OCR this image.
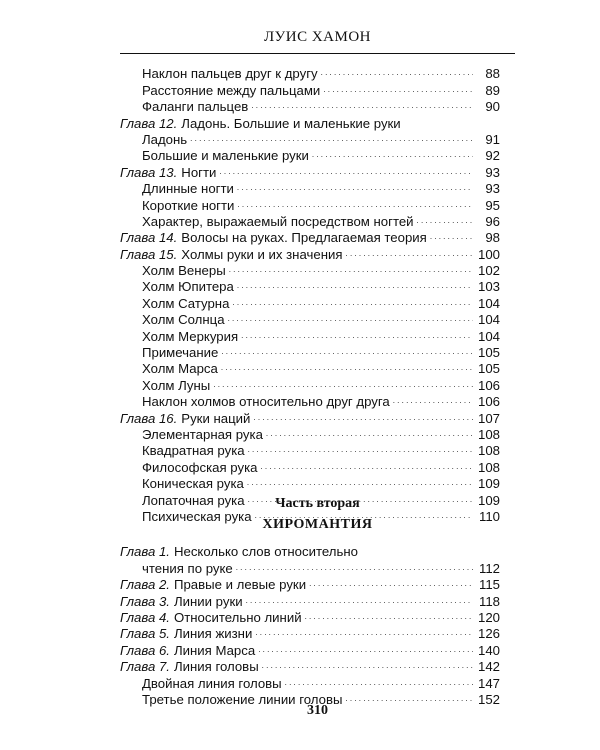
ЛУИС ХАМОН
Наклон пальцев друг к другу . . .	88
Расстояние между пальцами . . .	89
Фаланги пальцев . . .	90
Глава 12. Ладонь. Большие и маленькие руки
Ладонь . . .	91
Большие и маленькие руки . . .	92
Глава 13. Ногти . . .	93
Длинные ногти . . .	93
Короткие ногти . . .	95
Характер, выражаемый посредством ногтей . . .	96
Глава 14. Волосы на руках. Предлагаемая теория . . .	98
Глава 15. Холмы руки и их значения . . .	100
Холм Венеры . . .	102
Холм Юпитера . . .	103
Холм Сатурна . . .	104
Холм Солнца . . .	104
Холм Меркурия . . .	104
Примечание . . .	105
Холм Марса . . .	105
Холм Луны . . .	106
Наклон холмов относительно друг друга . . .	106
Глава 16. Руки наций . . .	107
Элементарная рука . . .	108
Квадратная рука . . .	108
Философская рука . . .	108
Коническая рука . . .	109
Лопаточная рука . . .	109
Психическая рука . . .	110
Часть вторая
ХИРОМАНТИЯ
Глава 1. Несколько слов относительно
чтения по руке . . .	112
Глава 2. Правые и левые руки . . .	115
Глава 3. Линии руки . . .	118
Глава 4. Относительно линий . . .	120
Глава 5. Линия жизни . . .	126
Глава 6. Линия Марса . . .	140
Глава 7. Линия головы . . .	142
Двойная линия головы . . .	147
Третье положение линии головы . . .	152
310
